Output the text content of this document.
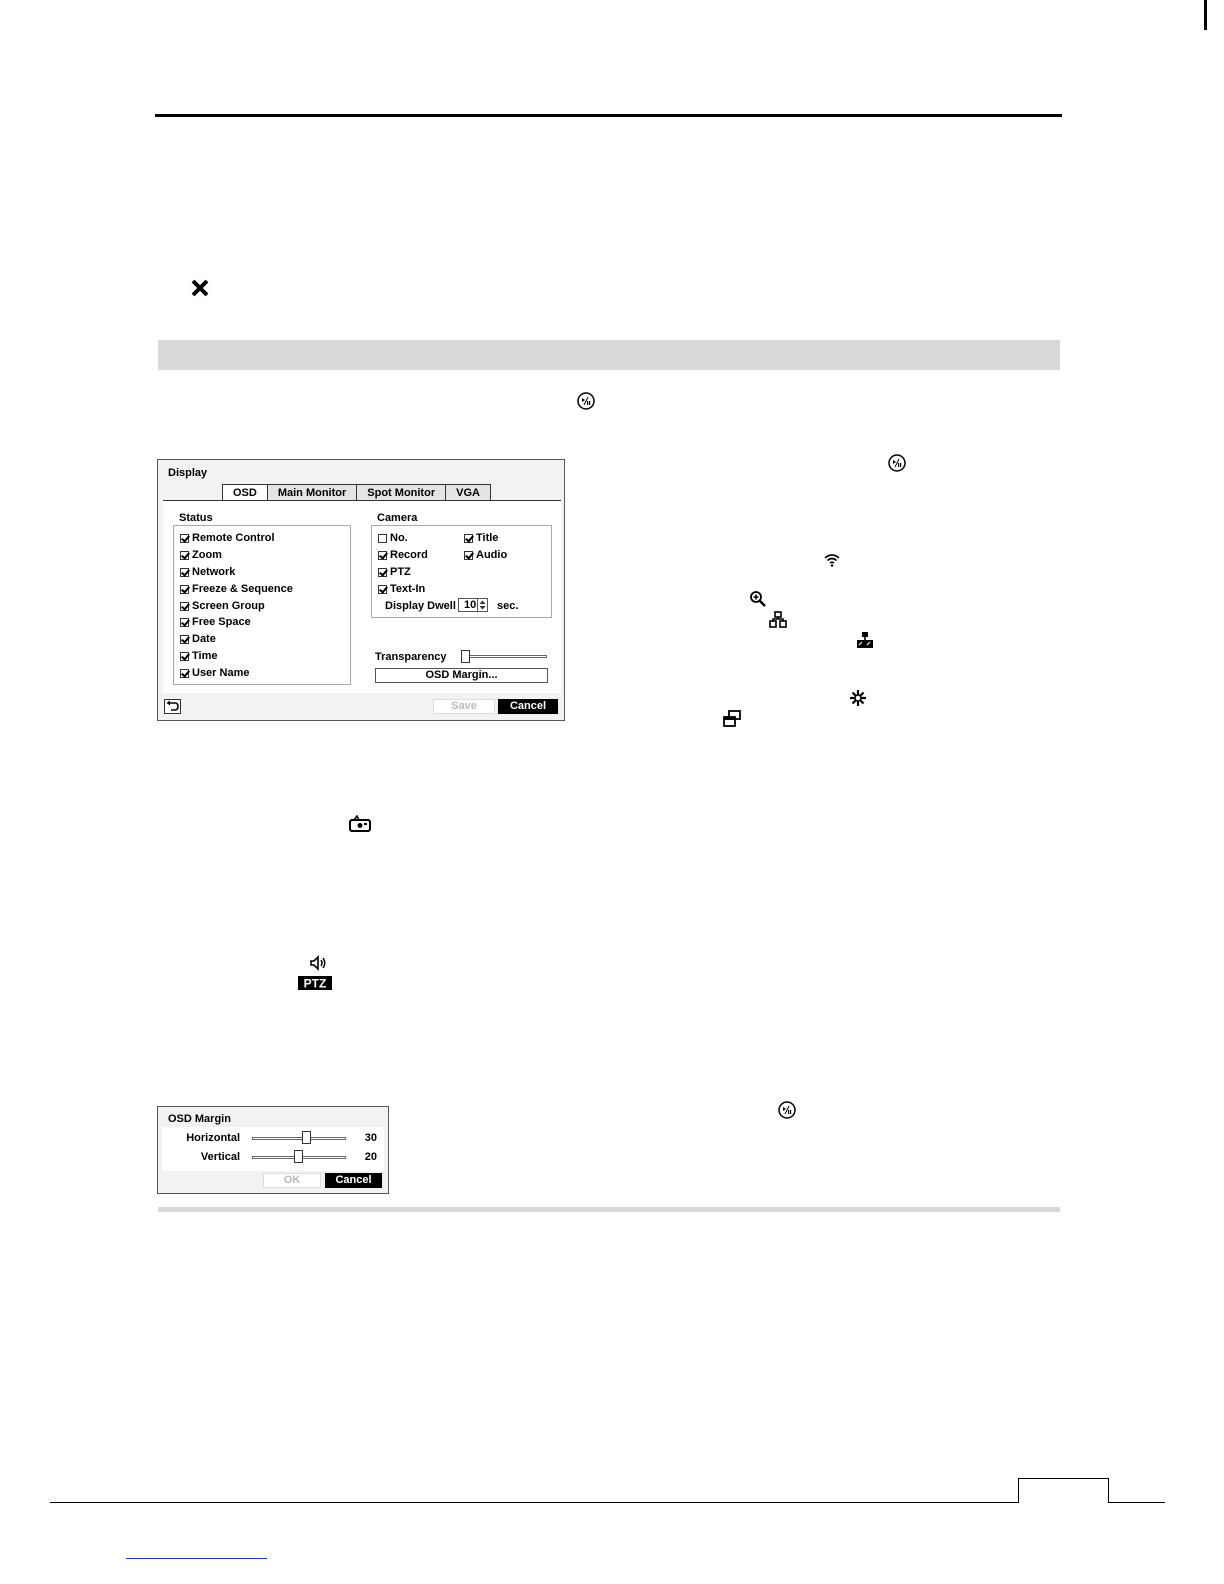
PTZ
Display
OSD	Main Monitor	Spot Monitor	VGA
Status
Remote Control
Zoom
Network
Freeze & Sequence
Screen Group
Free Space
Date
Time
User Name
Camera
No.	Title
Record	Audio
PTZ
Text-In
Display Dwell 10	sec.
Transparency
OSD Margin...
Save	Cancel
OSD Margin
Horizontal	30
Vertical	20
OK	Cancel
